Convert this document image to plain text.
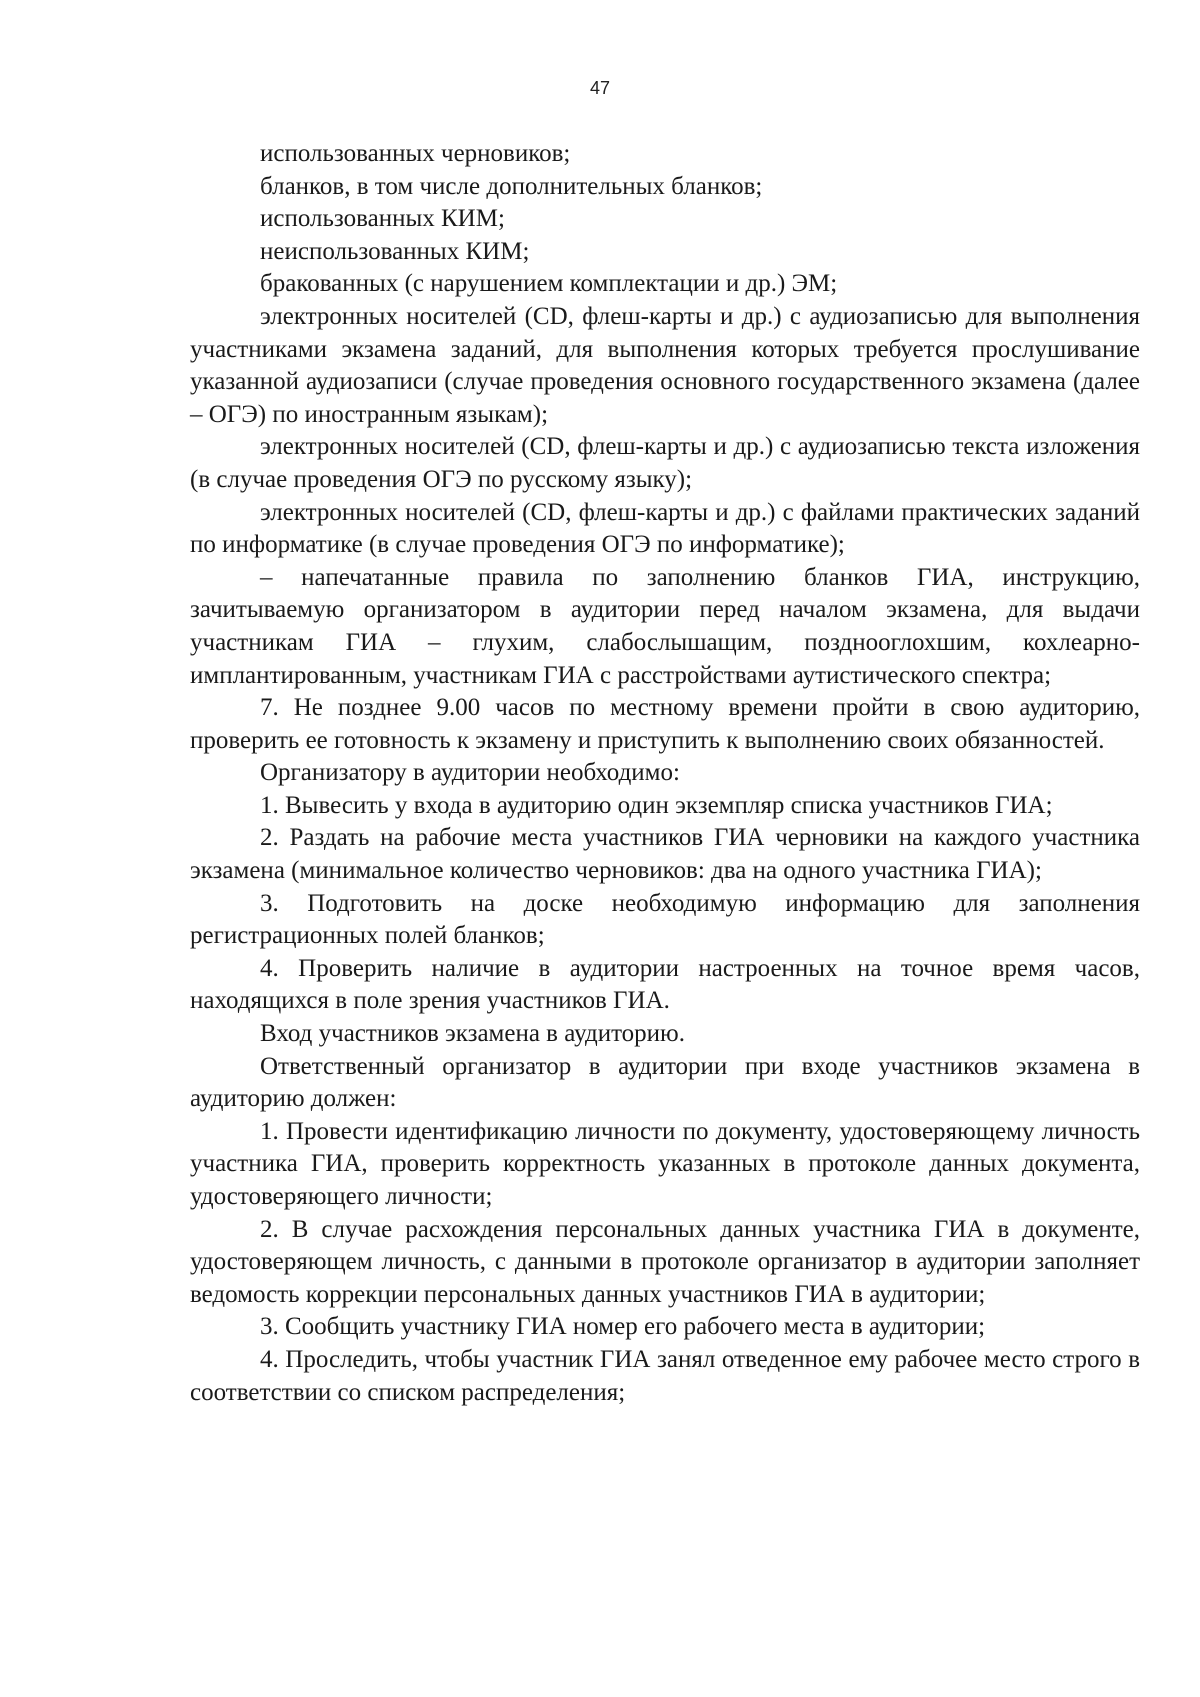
47

использованных черновиков;

бланков, в том числе дополнительных бланков;

использованных КИМ;

неиспользованных КИМ;

бракованных (с нарушением комплектации и др.) ЭМ;

электронных носителей (CD, флеш-карты и др.) с аудиозаписью для выполнения участниками экзамена заданий, для выполнения которых требуется прослушивание указанной аудиозаписи (случае проведения основного государственного экзамена (далее – ОГЭ) по иностранным языкам);

электронных носителей (CD, флеш-карты и др.) с аудиозаписью текста изложения (в случае проведения ОГЭ по русскому языку);

электронных носителей (CD, флеш-карты и др.) с файлами практических заданий по информатике (в случае проведения ОГЭ по информатике);

– напечатанные правила по заполнению бланков ГИА, инструкцию, зачитываемую организатором в аудитории перед началом экзамена, для выдачи участникам ГИА – глухим, слабослышащим, позднооглохшим, кохлеарно-имплантированным, участникам ГИА с расстройствами аутистического спектра;

7. Не позднее 9.00 часов по местному времени пройти в свою аудиторию, проверить ее готовность к экзамену и приступить к выполнению своих обязанностей.

Организатору в аудитории необходимо:

1. Вывесить у входа в аудиторию один экземпляр списка участников ГИА;

2. Раздать на рабочие места участников ГИА черновики на каждого участника экзамена (минимальное количество черновиков: два на одного участника ГИА);

3. Подготовить на доске необходимую информацию для заполнения регистрационных полей бланков;

4. Проверить наличие в аудитории настроенных на точное время часов, находящихся в поле зрения участников ГИА.

Вход участников экзамена в аудиторию.

Ответственный организатор в аудитории при входе участников экзамена в аудиторию должен:

1. Провести идентификацию личности по документу, удостоверяющему личность участника ГИА, проверить корректность указанных в протоколе данных документа, удостоверяющего личности;

2. В случае расхождения персональных данных участника ГИА в документе, удостоверяющем личность, с данными в протоколе организатор в аудитории заполняет ведомость коррекции персональных данных участников ГИА в аудитории;

3. Сообщить участнику ГИА номер его рабочего места в аудитории;

4. Проследить, чтобы участник ГИА занял отведенное ему рабочее место строго в соответствии со списком распределения;
